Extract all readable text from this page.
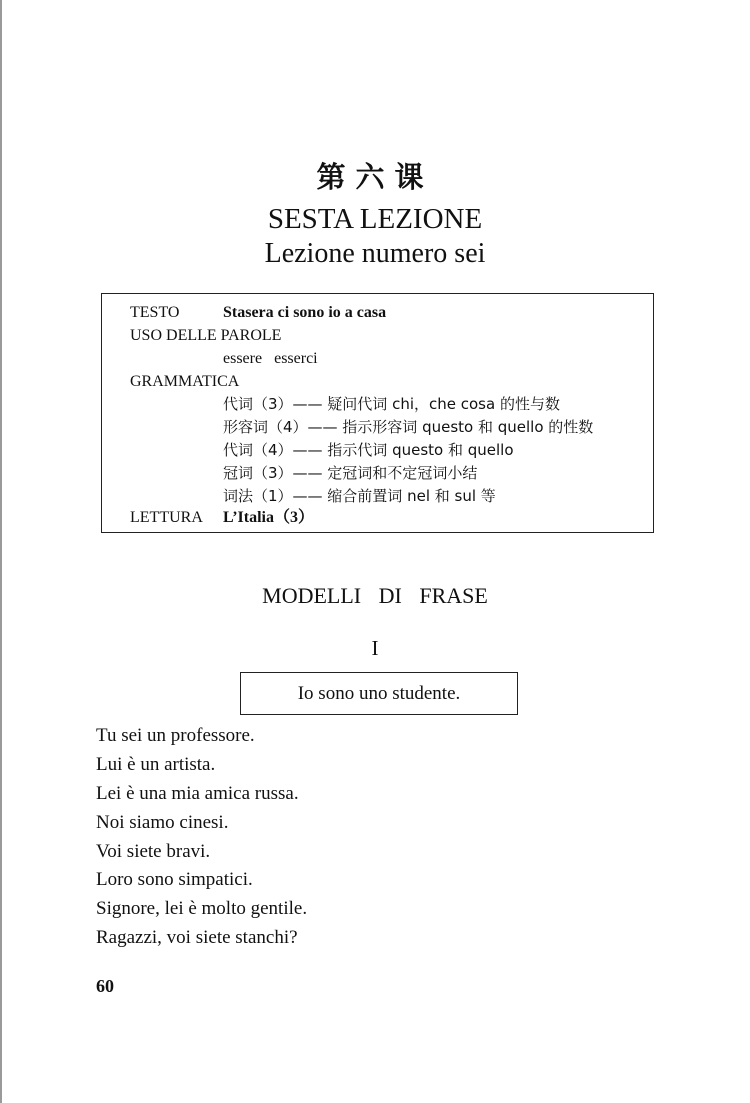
第六课
SESTA LEZIONE
Lezione numero sei
TESTO	Stasera ci sono io a casa
USO DELLE PAROLE
essere   esserci
GRAMMATICA
代词（3）—— 疑问代词 chi，che cosa 的性与数
形容词（4）—— 指示形容词 questo 和 quello 的性数
代词（4）—— 指示代词 questo 和 quello
冠词（3）—— 定冠词和不定冠词小结
词法（1）—— 缩合前置词 nel 和 sul 等
LETTURA L’Italia（3）
MODELLI DI FRASE
I
Io sono uno studente.
Tu sei un professore.
Lui è un artista.
Lei è una mia amica russa.
Noi siamo cinesi.
Voi siete bravi.
Loro sono simpatici.
Signore, lei è molto gentile.
Ragazzi, voi siete stanchi?
60
